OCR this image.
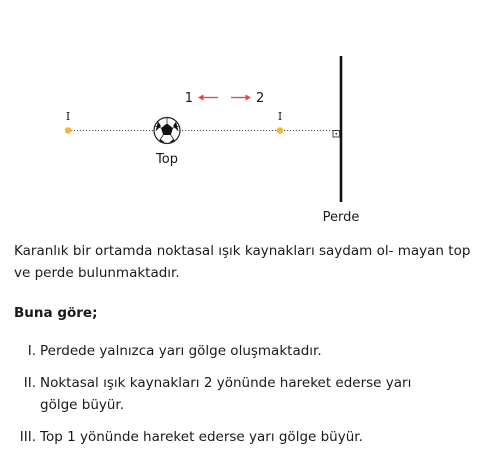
I	I
Top
1	2
Perde

Karanlık bir ortamda noktasal ışık kaynakları saydam ol- mayan top ve perde bulunmaktadır.

Buna göre;

I. Perdede yalnızca yarı gölge oluşmaktadır.
II. Noktasal ışık kaynakları 2 yönünde hareket ederse yarı gölge büyür.
III. Top 1 yönünde hareket ederse yarı gölge büyür.
